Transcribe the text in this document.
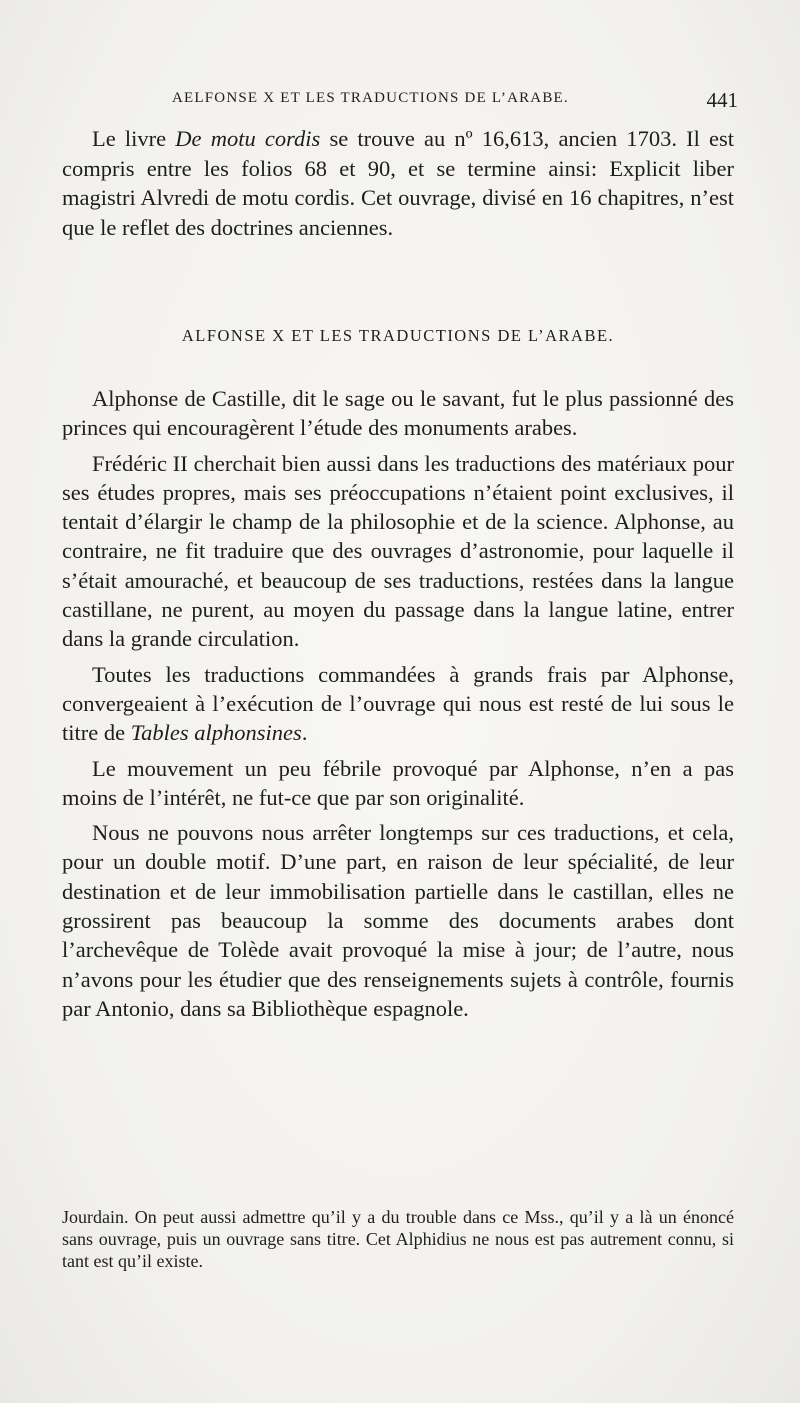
AELFONSE X ET LES TRADUCTIONS DE L’ARABE.	441

Le livre De motu cordis se trouve au nº 16,613, ancien 1703. Il est compris entre les folios 68 et 90, et se termine ainsi: Explicit liber magistri Alvredi de motu cordis. Cet ouvrage, divisé en 16 chapitres, n’est que le reflet des doctrines anciennes.

ALFONSE X ET LES TRADUCTIONS DE L’ARABE.

Alphonse de Castille, dit le sage ou le savant, fut le plus passionné des princes qui encouragèrent l’étude des monuments arabes.

Frédéric II cherchait bien aussi dans les traductions des matériaux pour ses études propres, mais ses préoccupations n’étaient point exclusives, il tentait d’élargir le champ de la philosophie et de la science. Alphonse, au contraire, ne fit traduire que des ouvrages d’astronomie, pour laquelle il s’était amouraché, et beaucoup de ses traductions, restées dans la langue castillane, ne purent, au moyen du passage dans la langue latine, entrer dans la grande circulation.

Toutes les traductions commandées à grands frais par Alphonse, convergeaient à l’exécution de l’ouvrage qui nous est resté de lui sous le titre de Tables alphonsines.

Le mouvement un peu fébrile provoqué par Alphonse, n’en a pas moins de l’intérêt, ne fut-ce que par son originalité.

Nous ne pouvons nous arrêter longtemps sur ces traductions, et cela, pour un double motif. D’une part, en raison de leur spécialité, de leur destination et de leur immobilisation partielle dans le castillan, elles ne grossirent pas beaucoup la somme des documents arabes dont l’archevêque de Tolède avait provoqué la mise à jour; de l’autre, nous n’avons pour les étudier que des renseignements sujets à contrôle, fournis par Antonio, dans sa Bibliothèque espagnole.

Jourdain. On peut aussi admettre qu’il y a du trouble dans ce Mss., qu’il y a là un énoncé sans ouvrage, puis un ouvrage sans titre. Cet Alphidius ne nous est pas autrement connu, si tant est qu’il existe.
